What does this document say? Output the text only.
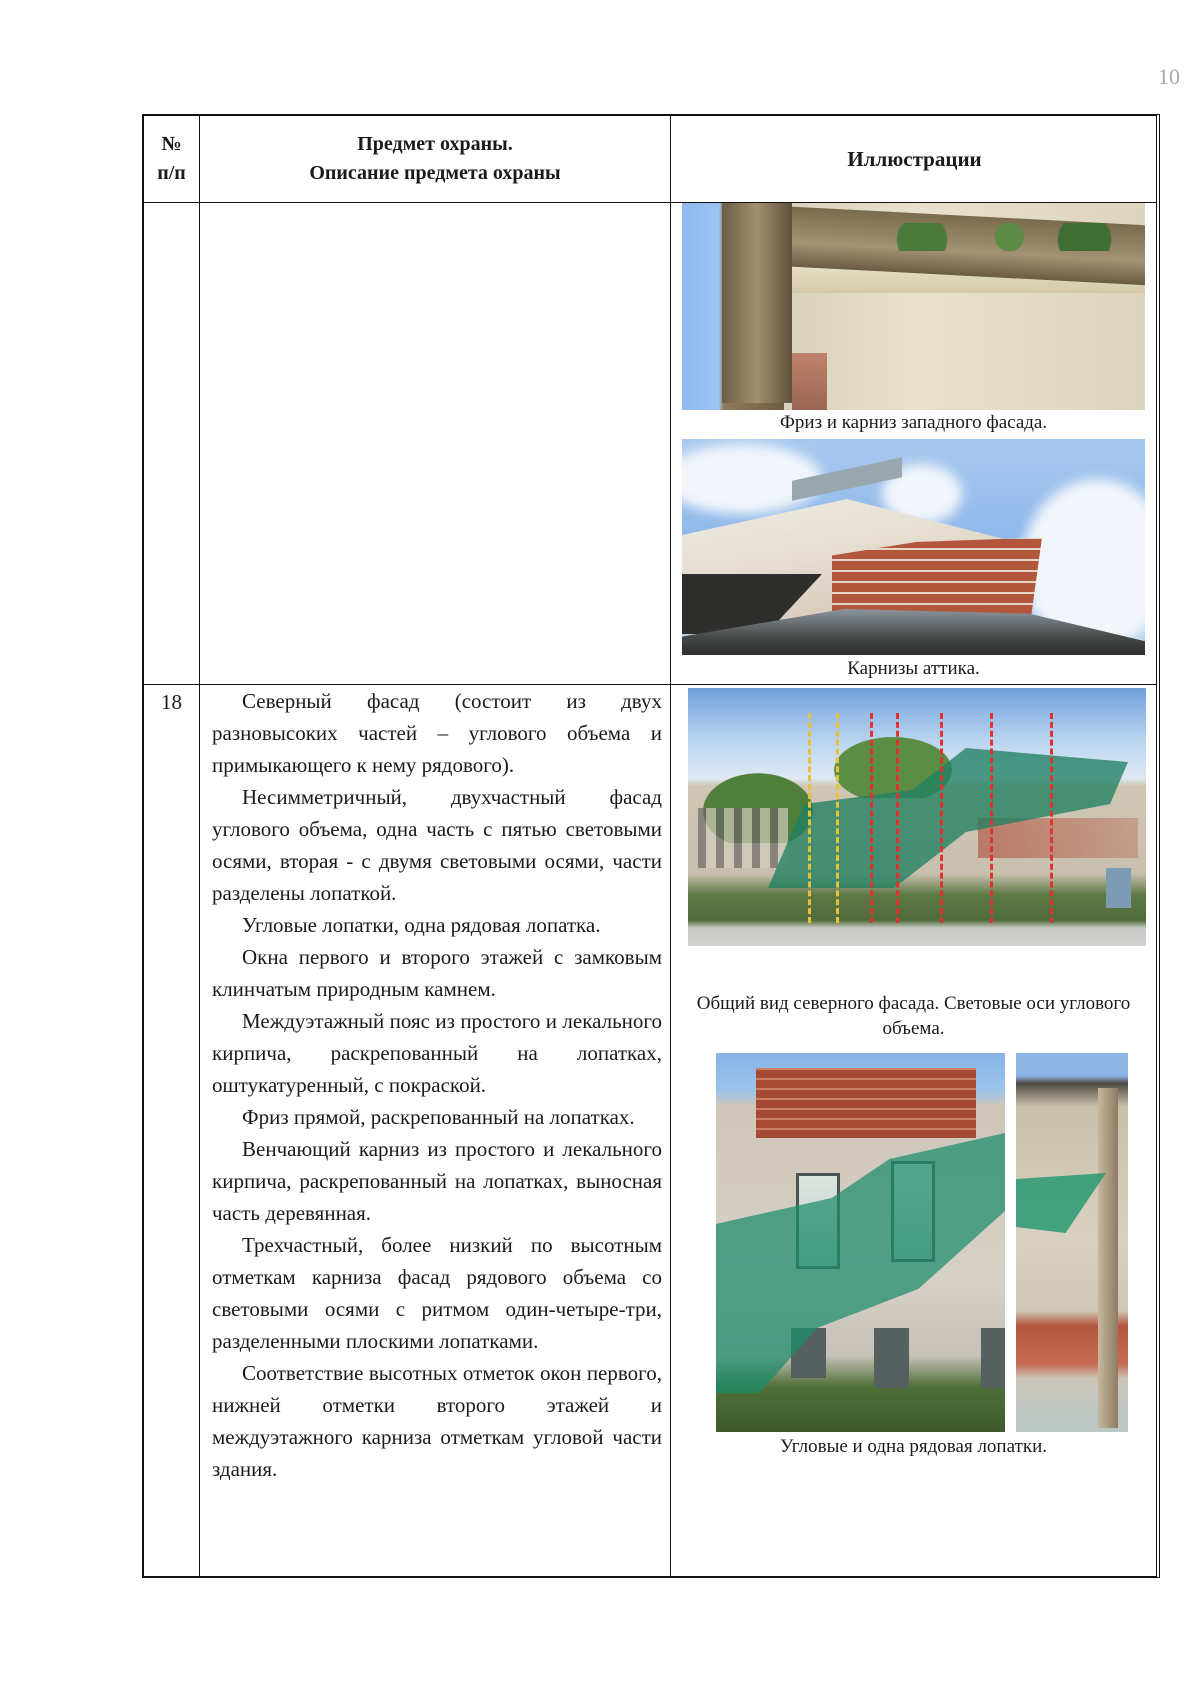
10
№
п/п
Предмет охраны.
Описание предмета охраны
Иллюстрации
Фриз и карниз западного фасада.
Карнизы аттика.
18	Северный фасад (состоит из двух разновысоких частей – углового объема и примыкающего к нему рядового).

Несимметричный, двухчастный фасад углового объема, одна часть с пятью световыми осями, вторая - с двумя световыми осями, части разделены лопаткой.

Угловые лопатки, одна рядовая лопатка.

Окна первого и второго этажей с замковым клинчатым природным камнем.

Междуэтажный пояс из простого и лекального кирпича, раскрепованный на лопатках, оштукатуренный, с покраской.

Фриз прямой, раскрепованный на лопатках.

Венчающий карниз из простого и лекального кирпича, раскрепованный на лопатках, выносная часть деревянная.

Трехчастный, более низкий по высотным отметкам карниза фасад рядового объема со световыми осями с ритмом один-четыре-три, разделенными плоскими лопатками.

Соответствие высотных отметок окон первого, нижней отметки второго этажей и междуэтажного карниза отметкам угловой части здания.

Общий вид северного фасада. Световые оси углового объема.
Угловые и одна рядовая лопатки.
